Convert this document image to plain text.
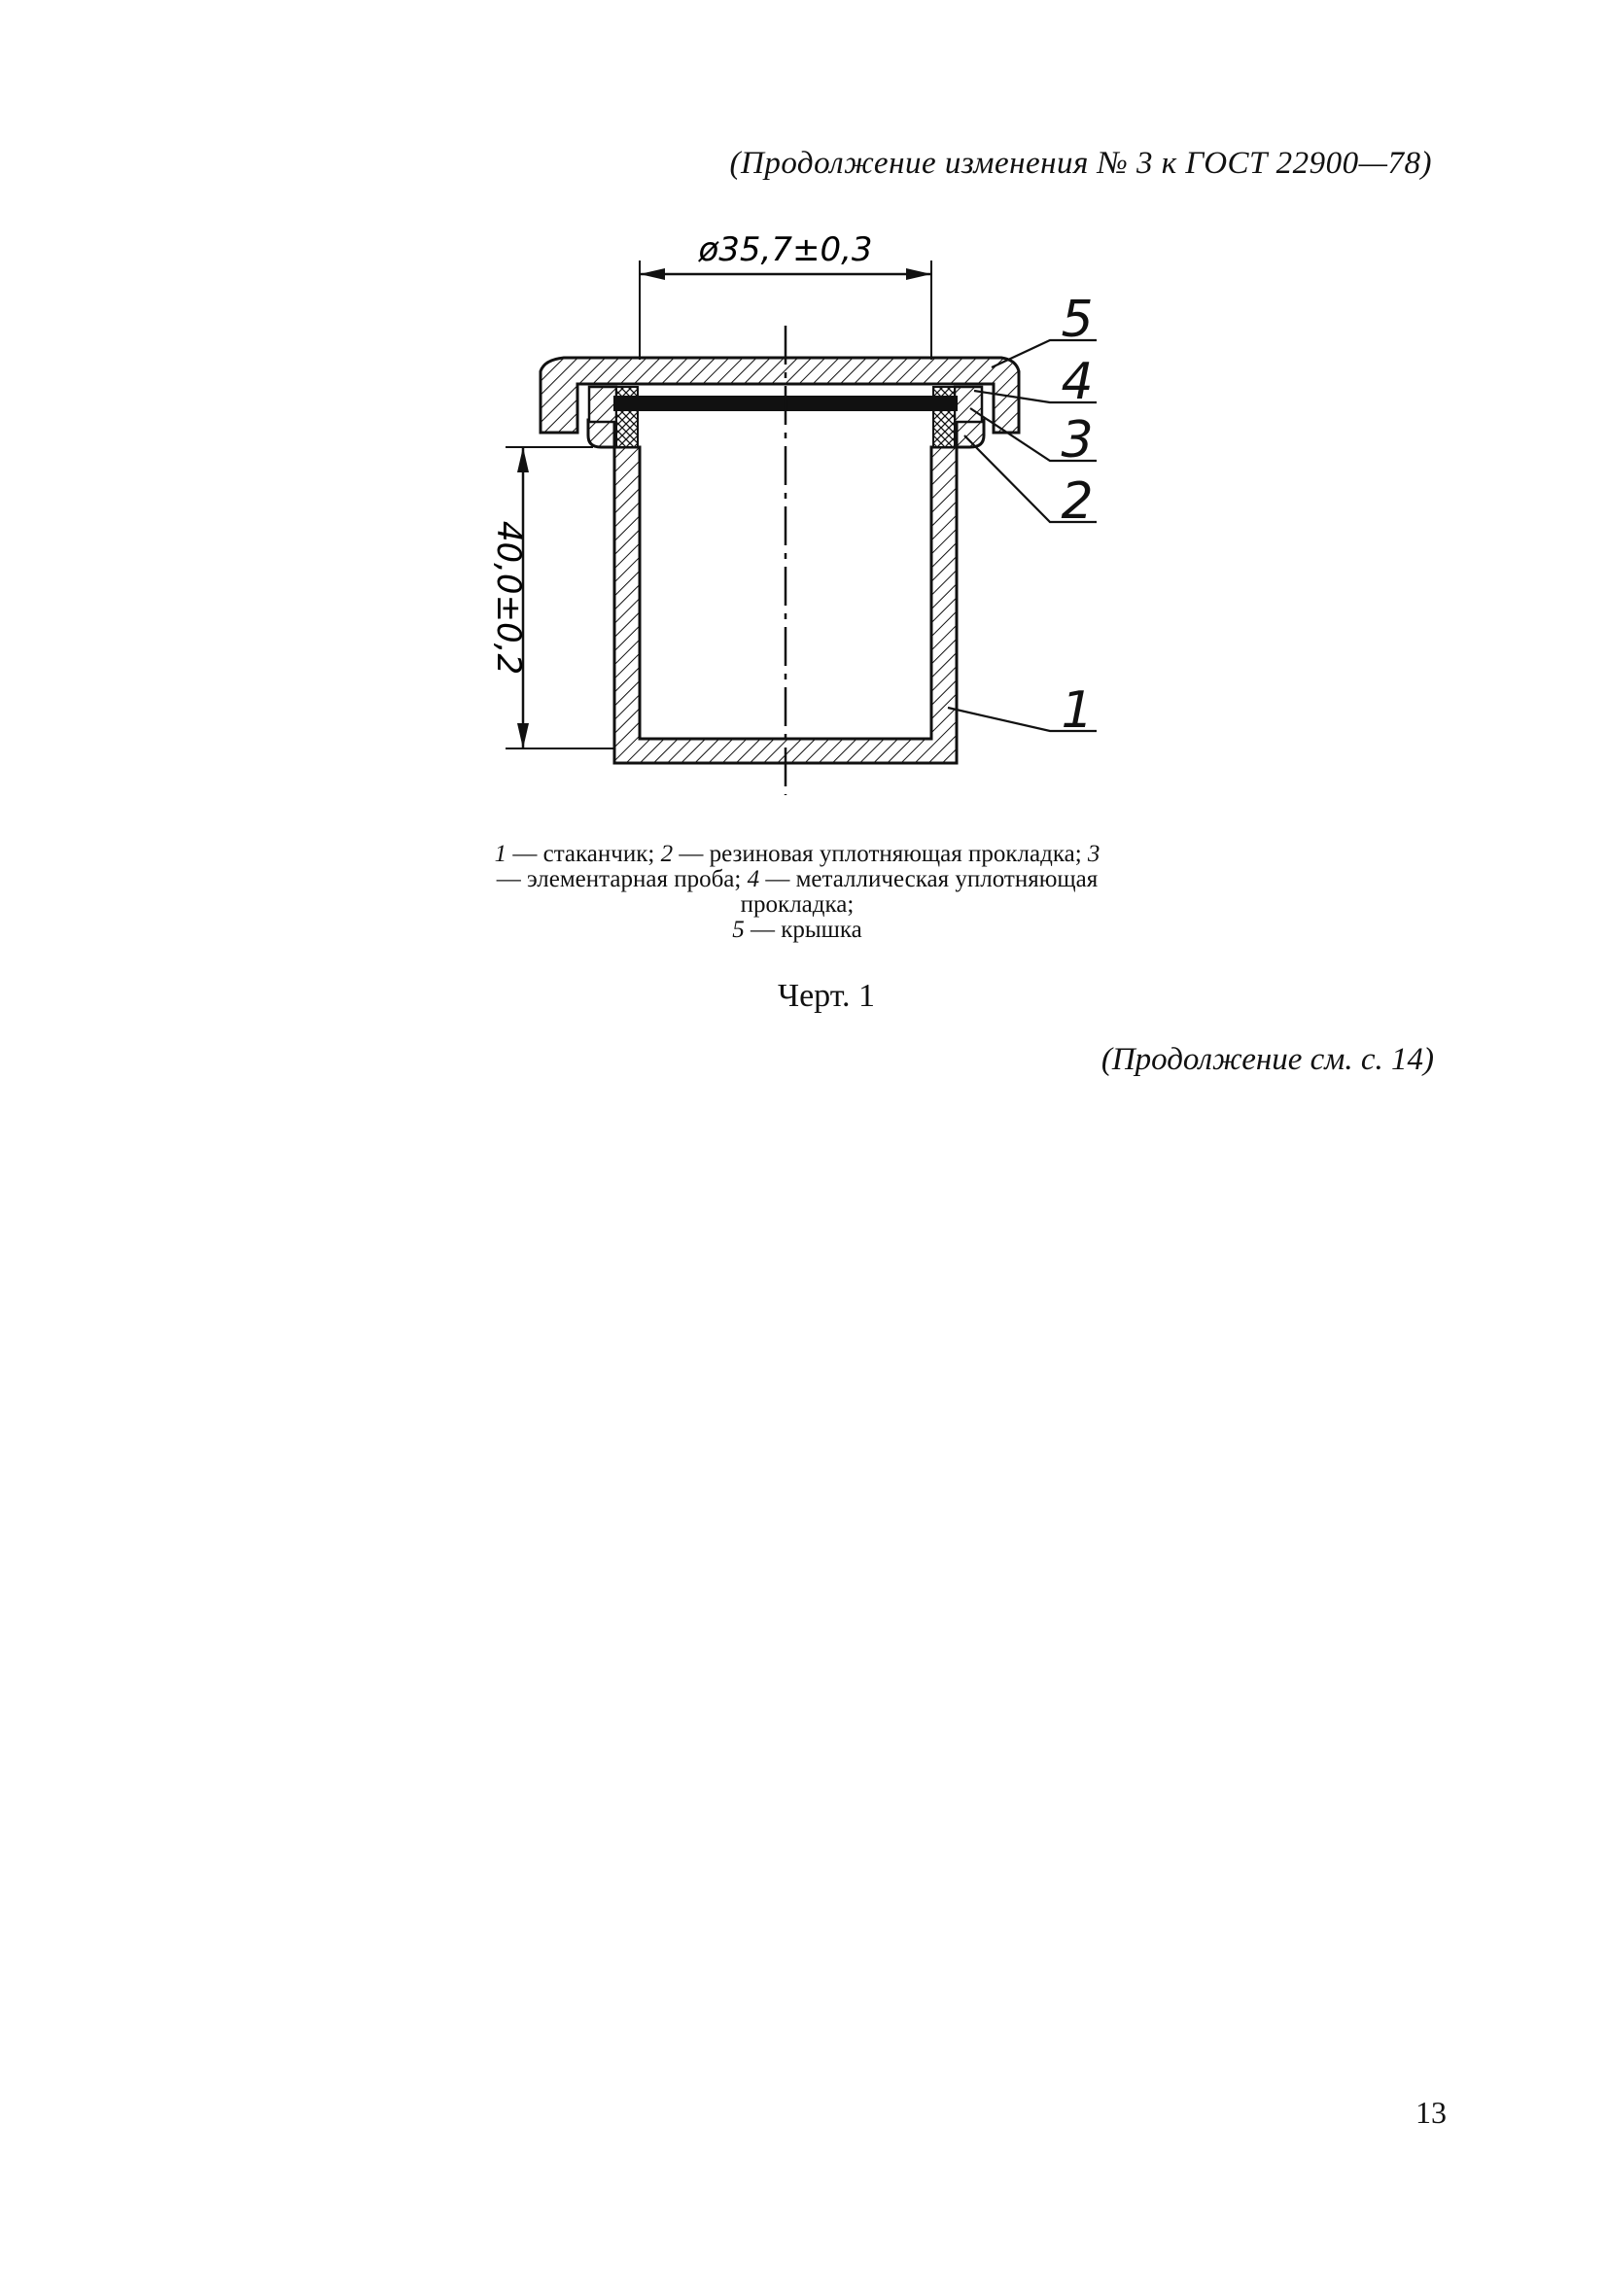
(Продолжение изменения № 3 к ГОСТ 22900—78)
ø35,7±0,3
40,0±0,2
5
4
3
2
1
1 — стаканчик; 2 — резиновая уплотняющая прокладка; 3 — элементарная проба; 4 — металлическая уплотняющая прокладка;
5 — крышка
Черт. 1
(Продолжение см. с. 14)
13
